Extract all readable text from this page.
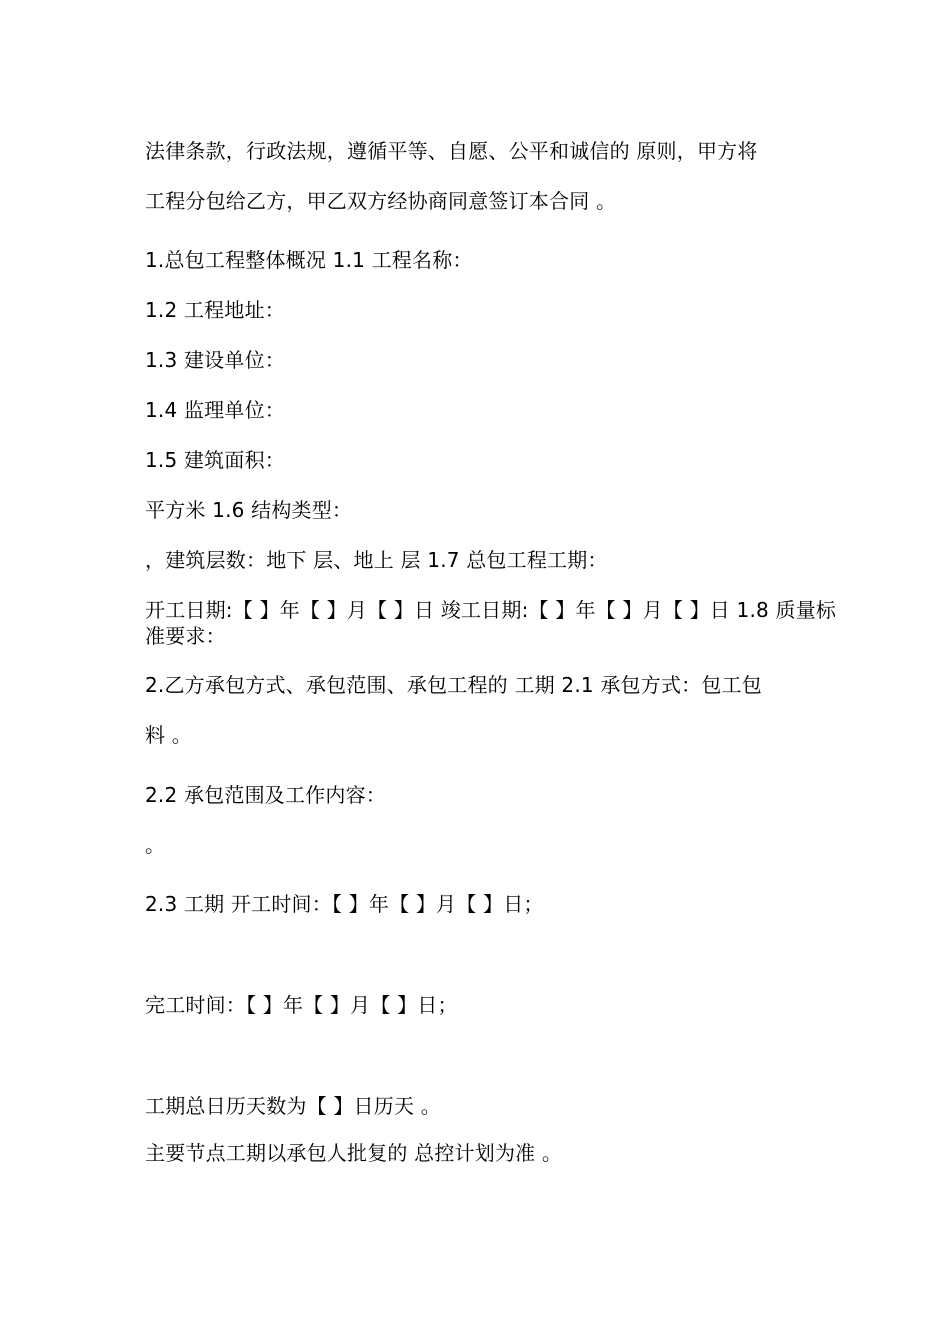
法律条款，行政法规，遵循平等、自愿、公平和诚信的 原则，甲方将
工程分包给乙方，甲乙双方经协商同意签订本合同 。
1.总包工程整体概况 1.1 工程名称：
1.2 工程地址：
1.3 建设单位：
1.4 监理单位：
1.5 建筑面积：
平方米 1.6 结构类型：
，建筑层数：地下 层、地上 层 1.7 总包工程工期：
开工日期:【 】年【 】月【 】日 竣工日期:【 】年【 】月【 】日 1.8 质量标
准要求：
2.乙方承包方式、承包范围、承包工程的 工期 2.1 承包方式：包工包
料 。
2.2 承包范围及工作内容：
。
2.3 工期 开工时间：【 】年【 】月【 】日；
完工时间：【 】年【 】月【 】日；
工期总日历天数为【 】日历天 。
主要节点工期以承包人批复的 总控计划为准 。
